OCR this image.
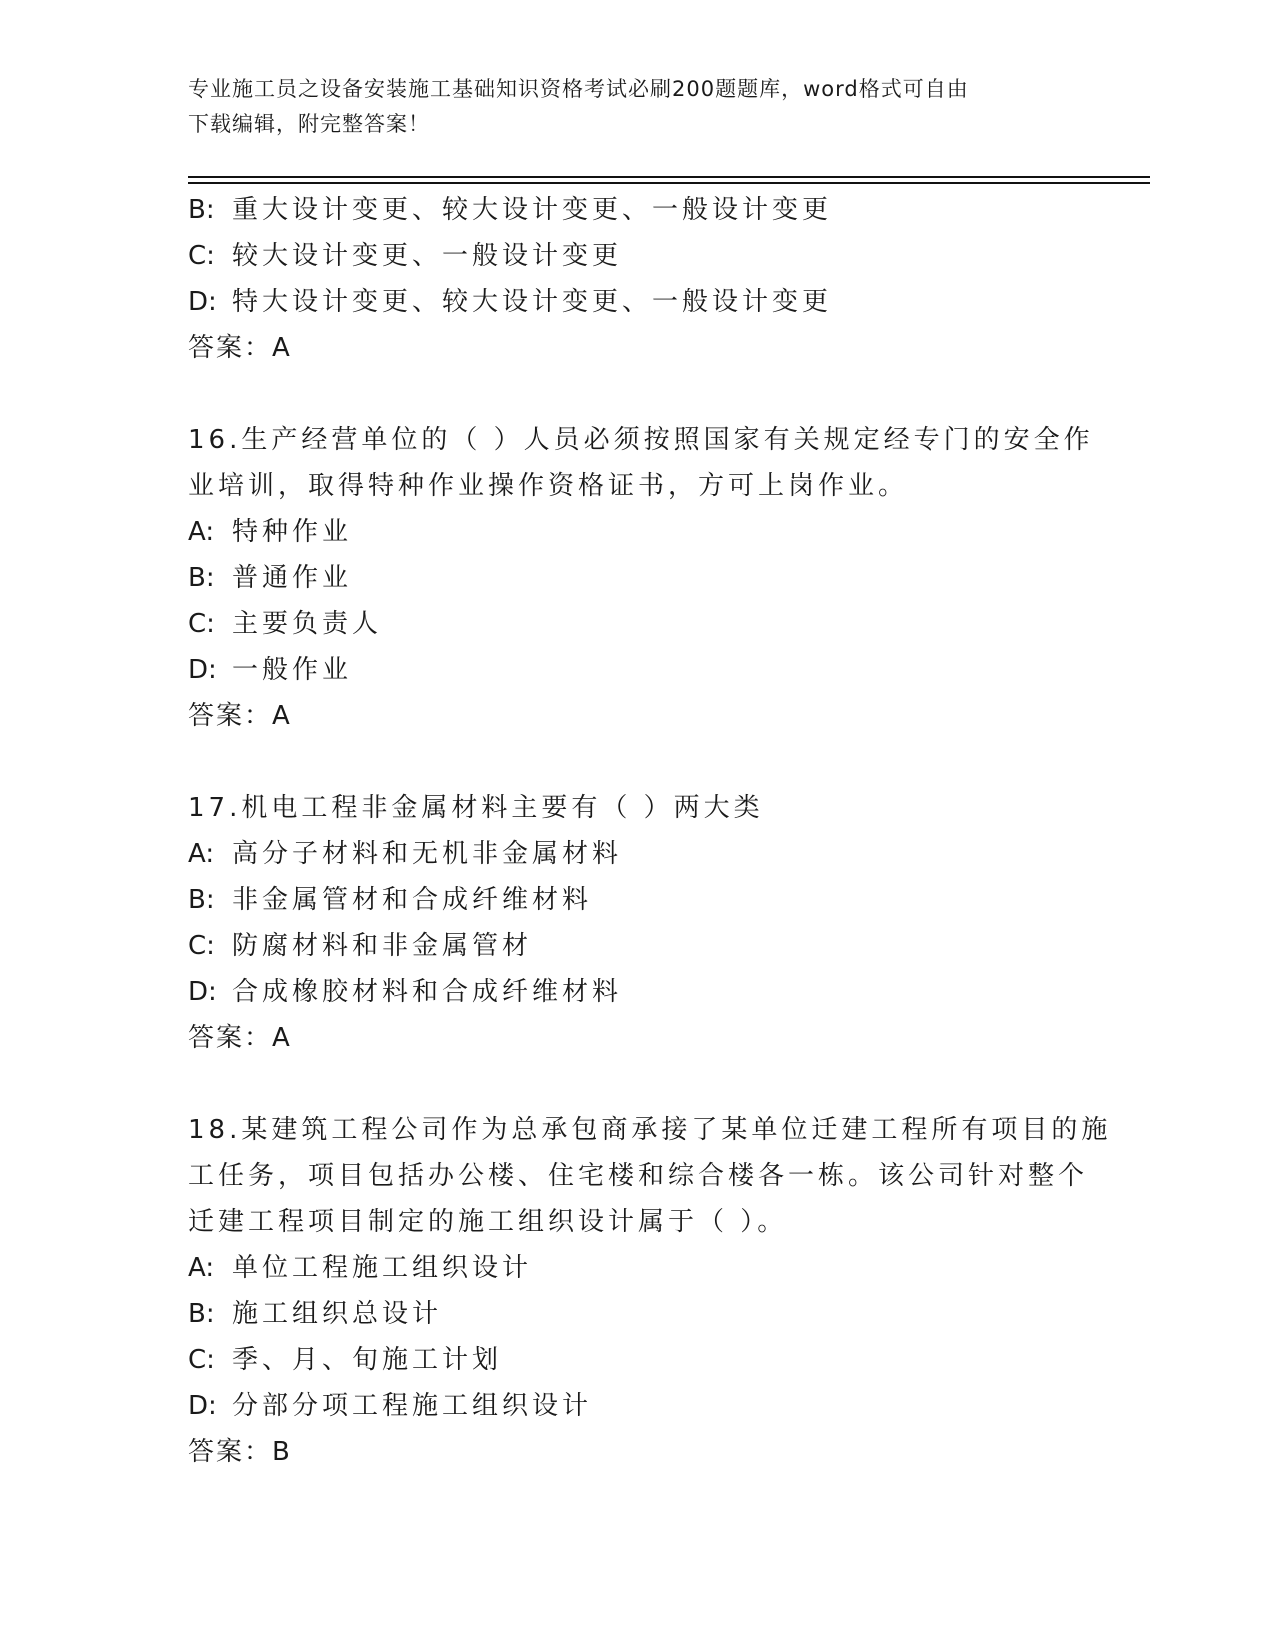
专业施工员之设备安装施工基础知识资格考试必刷200题题库，word格式可自由
下载编辑，附完整答案！
B: 重大设计变更、较大设计变更、一般设计变更
C: 较大设计变更、一般设计变更
D: 特大设计变更、较大设计变更、一般设计变更
答案：A
16.生产经营单位的（ ）人员必须按照国家有关规定经专门的安全作
业培训，取得特种作业操作资格证书，方可上岗作业。
A: 特种作业
B: 普通作业
C: 主要负责人
D: 一般作业
答案：A
17.机电工程非金属材料主要有（ ）两大类
A: 高分子材料和无机非金属材料
B: 非金属管材和合成纤维材料
C: 防腐材料和非金属管材
D: 合成橡胶材料和合成纤维材料
答案：A
18.某建筑工程公司作为总承包商承接了某单位迁建工程所有项目的施
工任务，项目包括办公楼、住宅楼和综合楼各一栋。该公司针对整个
迁建工程项目制定的施工组织设计属于（ ）。
A: 单位工程施工组织设计
B: 施工组织总设计
C: 季、月、旬施工计划
D: 分部分项工程施工组织设计
答案：B
